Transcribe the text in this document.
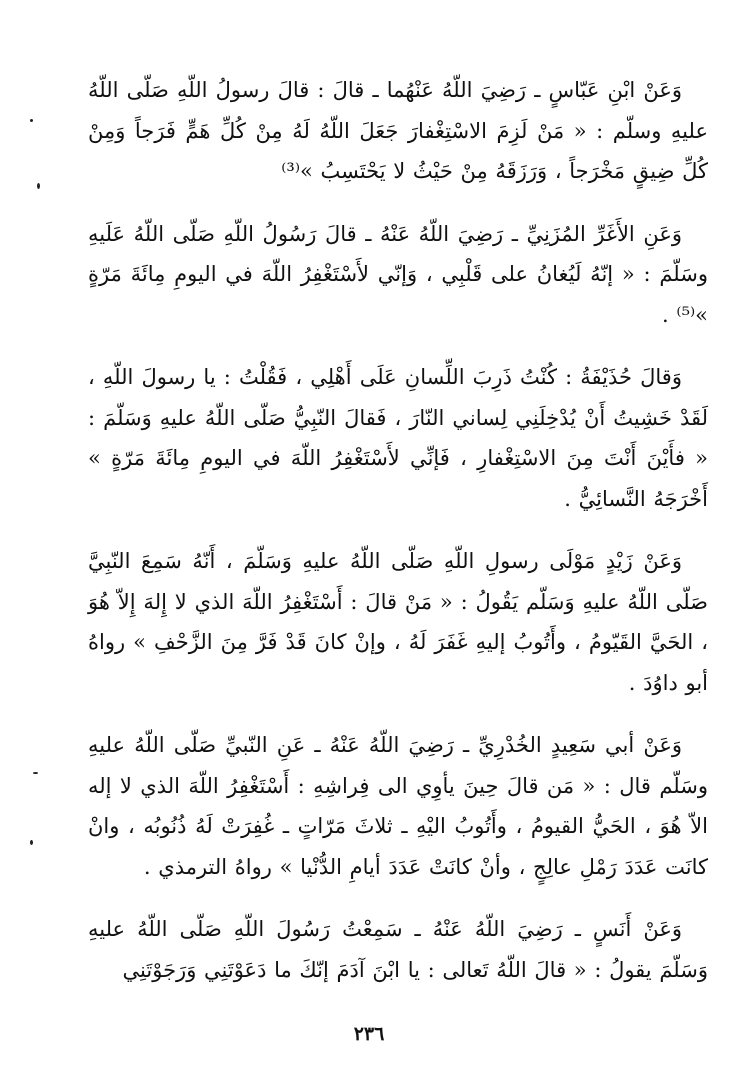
وَعَنْ ابْنِ عَبّاسٍ ـ رَضِيَ اللّهُ عَنْهُما ـ قالَ : قالَ رسولُ اللّهِ صَلّى اللّهُ عليهِ وسلّم : « مَنْ لَزِمَ الاسْتِغْفارَ جَعَلَ اللّهُ لَهُ مِنْ كُلِّ هَمٍّ فَرَجاً وَمِنْ كُلِّ ضِيقٍ مَخْرَجاً ، وَرَزَقَهُ مِنْ حَيْثُ لا يَحْتَسِبُ »⁽³⁾

وَعَنِ الأَغَرِّ المُزَنِيِّ ـ رَضِيَ اللّهُ عَنْهُ ـ قالَ رَسُولُ اللّهِ صَلّى اللّهُ عَلَيهِ وسَلّمَ : « إنّهُ لَيُغانُ على قَلْبِي ، وَإنّي لأَسْتَغْفِرُ اللّهَ في اليومِ مِائَةَ مَرّةٍ »⁽⁵⁾ .

وَقالَ حُذَيْفَةُ : كُنْتُ ذَرِبَ اللِّسانِ عَلَى أَهْلِي ، فَقُلْتُ : يا رسولَ اللّهِ ، لَقَدْ خَشِيتُ أَنْ يُدْخِلَنِي لِساني النّارَ ، فَقالَ النّبِيُّ صَلّى اللّهُ عليهِ وَسَلّمَ : « فأَيْنَ أَنْتَ مِنَ الاسْتِغْفارِ ، فَإنِّي لأَسْتَغْفِرُ اللّهَ في اليومِ مِائَةَ مَرّةٍ » أَخْرَجَهُ النَّسائِيُّ .

وَعَنْ زَيْدٍ مَوْلَى رسولِ اللّهِ صَلّى اللّهُ عليهِ وَسَلّمَ ، أَنّهُ سَمِعَ النّبِيَّ صَلّى اللّهُ عليهِ وَسَلّم يَقُولُ : « مَنْ قالَ : أَسْتَغْفِرُ اللّهَ الذي لا إِلهَ إِلاّ هُوَ ، الحَيَّ القَيّومُ ، وأَتُوبُ إليهِ غَفَرَ لَهُ ، وإنْ كانَ قَدْ فَرَّ مِنَ الزَّحْفِ » رواهُ أبو داوُدَ .

وَعَنْ أبي سَعِيدٍ الخُدْرِيِّ ـ رَضِيَ اللّهُ عَنْهُ ـ عَنِ النّبيِّ صَلّى اللّهُ عليهِ وسَلّم قال : « مَن قالَ حِينَ يأوِي الى فِراشِهِ : أَسْتَغْفِرُ اللّهَ الذي لا إله الاّ هُوَ ، الحَيُّ القيومُ ، وأَتُوبُ اليْهِ ـ ثلاثَ مَرّاتٍ ـ غُفِرَتْ لَهُ ذُنُوبُه ، وانْ كانَت عَدَدَ رَمْلِ عالِجٍ ، وأنْ كانَتْ عَدَدَ أيامِ الدُّنْيا » رواهُ الترمذي .

وَعَنْ أَنَسٍ ـ رَضِيَ اللّهُ عَنْهُ ـ سَمِعْتُ رَسُولَ اللّهِ صَلّى اللّهُ عليهِ وَسَلّمَ يقولُ : « قالَ اللّهُ تَعالى : يا ابْنَ آدَمَ إنّكَ ما دَعَوْتَنِي وَرَجَوْتَنِي

٢٣٦
